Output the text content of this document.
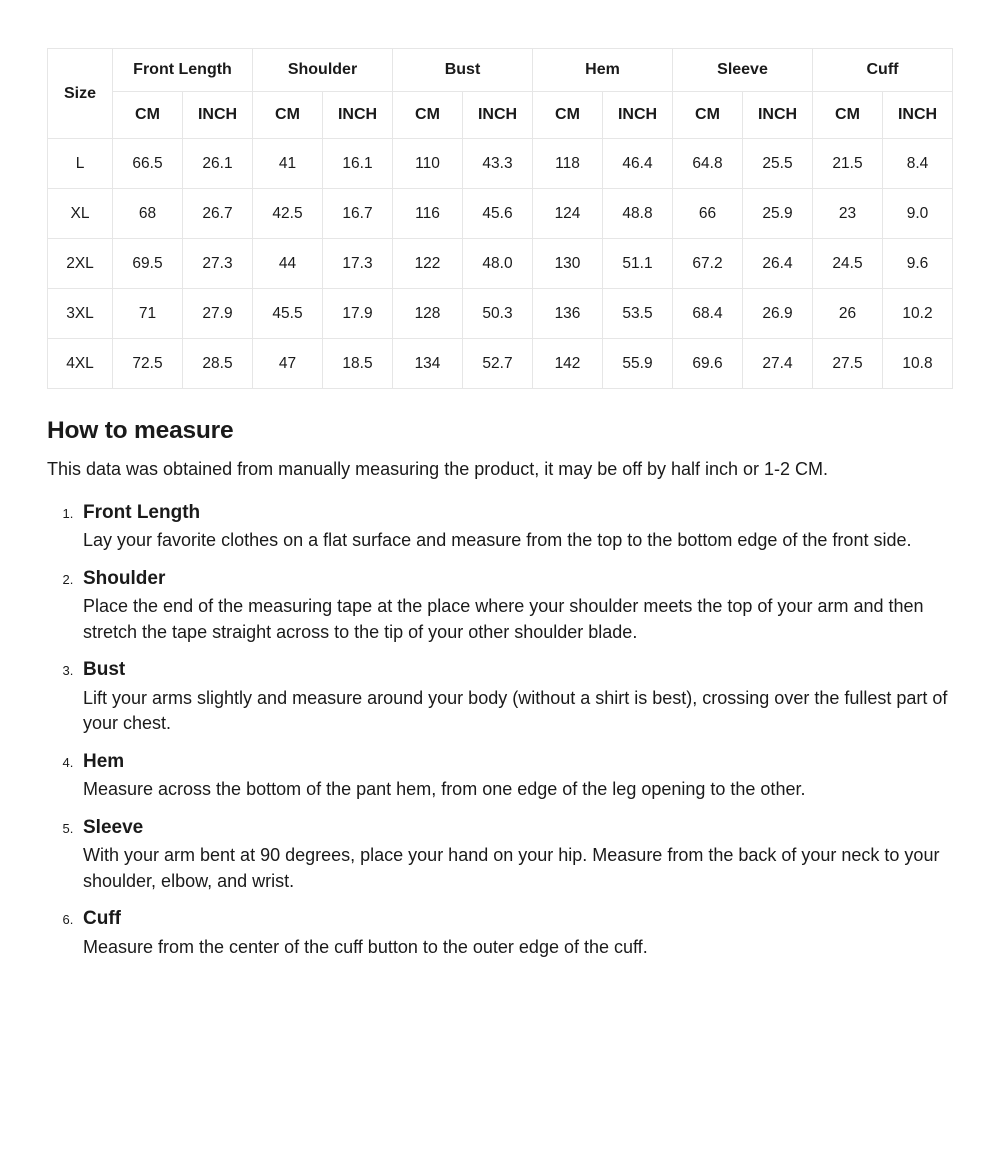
Size	Front Length		Shoulder		Bust		Hem		Sleeve		Cuff	
	CM	INCH	CM	INCH	CM	INCH	CM	INCH	CM	INCH	CM	INCH
L	66.5	26.1	41	16.1	110	43.3	118	46.4	64.8	25.5	21.5	8.4
XL	68	26.7	42.5	16.7	116	45.6	124	48.8	66	25.9	23	9.0
2XL	69.5	27.3	44	17.3	122	48.0	130	51.1	67.2	26.4	24.5	9.6
3XL	71	27.9	45.5	17.9	128	50.3	136	53.5	68.4	26.9	26	10.2
4XL	72.5	28.5	47	18.5	134	52.7	142	55.9	69.6	27.4	27.5	10.8
How to measure

This data was obtained from manually measuring the product, it may be off by half inch or 1-2 CM.

1. Front Length
Lay your favorite clothes on a flat surface and measure from the top to the bottom edge of the front side.
2. Shoulder
Place the end of the measuring tape at the place where your shoulder meets the top of your arm and then stretch the tape straight across to the tip of your other shoulder blade.
3. Bust
Lift your arms slightly and measure around your body (without a shirt is best), crossing over the fullest part of your chest.
4. Hem
Measure across the bottom of the pant hem, from one edge of the leg opening to the other.
5. Sleeve
With your arm bent at 90 degrees, place your hand on your hip. Measure from the back of your neck to your shoulder, elbow, and wrist.
6. Cuff
Measure from the center of the cuff button to the outer edge of the cuff.
